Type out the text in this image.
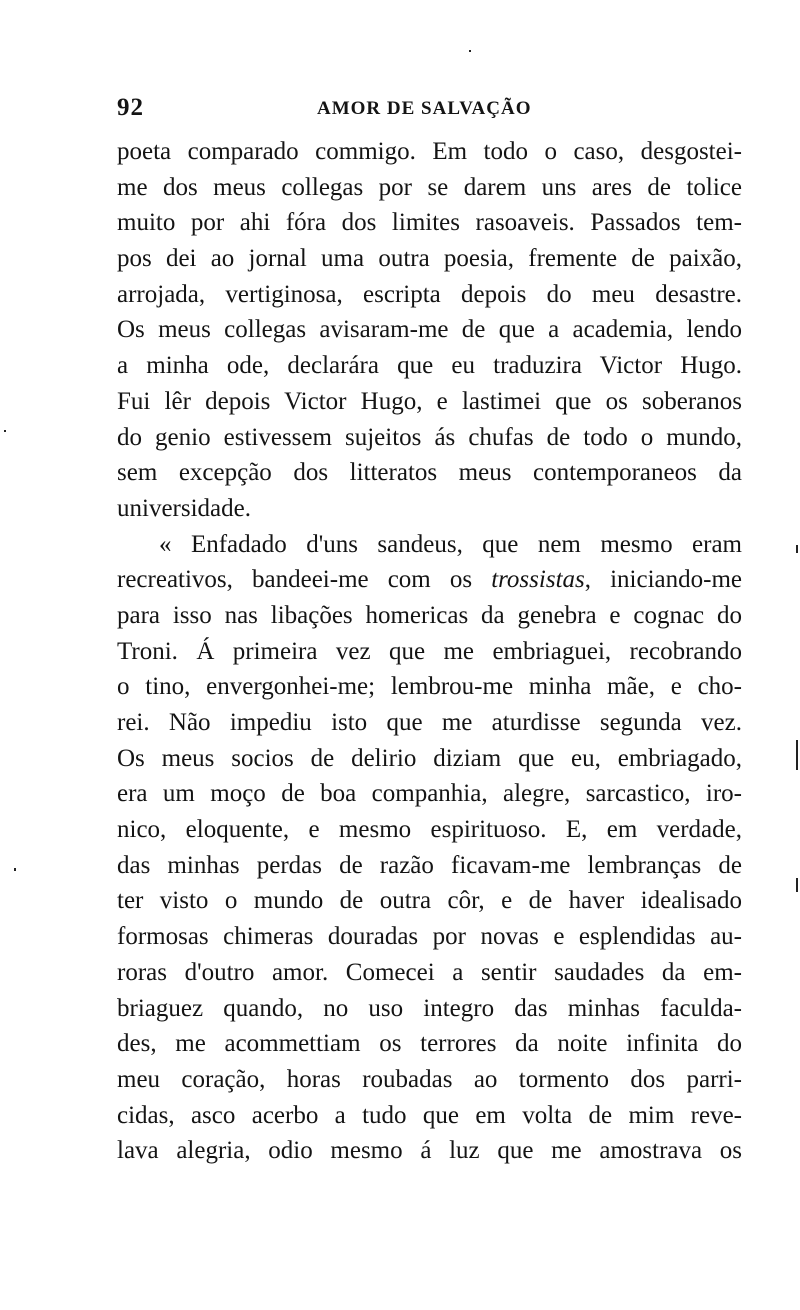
92	AMOR DE SALVAÇÃO
poeta comparado commigo. Em todo o caso, desgostei-
me dos meus collegas por se darem uns ares de tolice
muito por ahi fóra dos limites rasoaveis. Passados tem-
pos dei ao jornal uma outra poesia, fremente de paixão,
arrojada, vertiginosa, escripta depois do meu desastre.
Os meus collegas avisaram-me de que a academia, lendo
a minha ode, declarára que eu traduzira Victor Hugo.
Fui lêr depois Victor Hugo, e lastimei que os soberanos
do genio estivessem sujeitos ás chufas de todo o mundo,
sem excepção dos litteratos meus contemporaneos da
universidade.
« Enfadado d'uns sandeus, que nem mesmo eram
recreativos, bandeei-me com os trossistas, iniciando-me
para isso nas libações homericas da genebra e cognac do
Troni. Á primeira vez que me embriaguei, recobrando
o tino, envergonhei-me; lembrou-me minha mãe, e cho-
rei. Não impediu isto que me aturdisse segunda vez.
Os meus socios de delirio diziam que eu, embriagado,
era um moço de boa companhia, alegre, sarcastico, iro-
nico, eloquente, e mesmo espirituoso. E, em verdade,
das minhas perdas de razão ficavam-me lembranças de
ter visto o mundo de outra côr, e de haver idealisado
formosas chimeras douradas por novas e esplendidas au-
roras d'outro amor. Comecei a sentir saudades da em-
briaguez quando, no uso integro das minhas faculda-
des, me acommettiam os terrores da noite infinita do
meu coração, horas roubadas ao tormento dos parri-
cidas, asco acerbo a tudo que em volta de mim reve-
lava alegria, odio mesmo á luz que me amostrava os
